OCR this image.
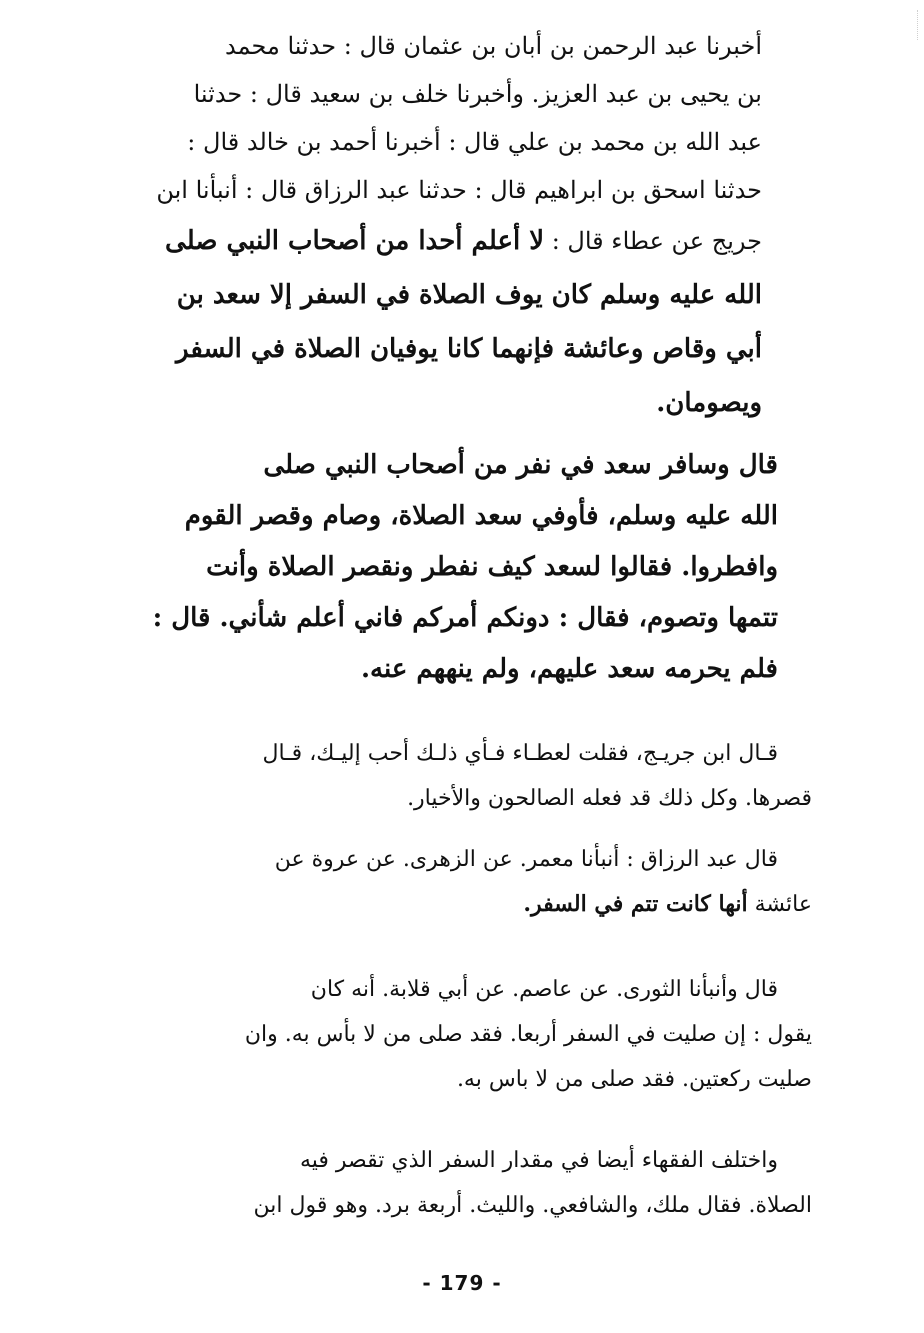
أخبرنا عبد الرحمن بن أبان بن عثمان قال : حدثنا محمد
بن يحيى بن عبد العزيز. وأخبرنا خلف بن سعيد قال : حدثنا
عبد الله بن محمد بن علي قال : أخبرنا أحمد بن خالد قال :
حدثنا اسحق بن ابراهيم قال : حدثنا عبد الرزاق قال : أنبأنا ابن
جريج عن عطاء قال : لا أعلم أحدا من أصحاب النبي صلى
الله عليه وسلم كان يوف الصلاة في السفر إلا سعد بن
أبي وقاص وعائشة فإنهما كانا يوفيان الصلاة في السفر
ويصومان.

قال وسافر سعد في نفر من أصحاب النبي صلى
الله عليه وسلم، فأوفي سعد الصلاة، وصام وقصر القوم
وافطروا. فقالوا لسعد كيف نفطر ونقصر الصلاة وأنت
تتمها وتصوم، فقال : دونكم أمركم فاني أعلم شأني. قال :
فلم يحرمه سعد عليهم، ولم ينههم عنه.

قـال ابن جريـج، فقلت لعطـاء فـأي ذلـك أحب إليـك، قـال
قصرها. وكل ذلك قد فعله الصالحون والأخيار.

قال عبد الرزاق : أنبأنا معمر. عن الزهرى. عن عروة عن
عائشة أنها كانت تتم في السفر.

قال وأنبأنا الثورى. عن عاصم. عن أبي قلابة. أنه كان
يقول : إن صليت في السفر أربعا. فقد صلى من لا بأس به. وان
صليت ركعتين. فقد صلى من لا باس به.

واختلف الفقهاء أيضا في مقدار السفر الذي تقصر فيه
الصلاة. فقال ملك، والشافعي. والليث. أربعة برد. وهو قول ابن

- 179 -
